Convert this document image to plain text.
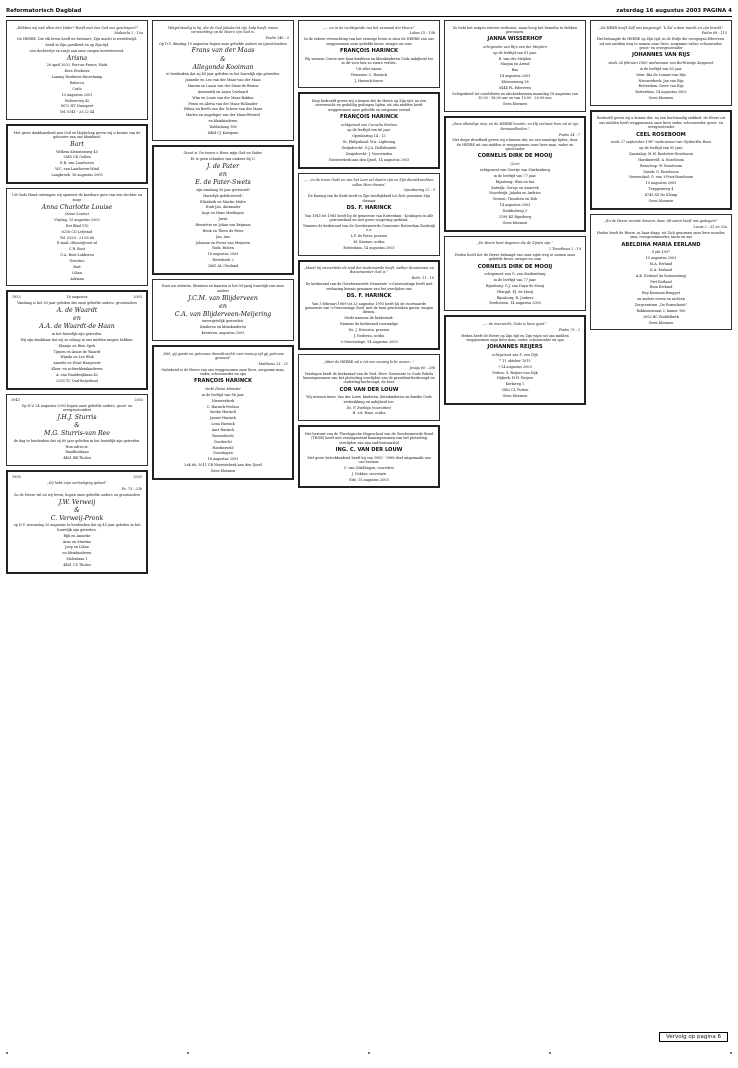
Reformatorisch Dagblad	zaterdag 16 augustus 2003 PAGINA 4

„Hebben wij niet allen één Vader? Heeft niet éen God ons geschapen?”

Maleachi 2 : 10a

De HEERE, Die elk leven heeft en bestuurt, Zijn macht is wereldwijd,

heeft in Zijn goedheid en op Zijn tijd

een dochtertje en zusje aan onze zorgen toevertrouwd.

Arisna

26 april 2003, Port-au-Prince, Haïti

Kees Hoekstra

Lammy Hoekstra-Haverkamp

Rebecca

Carlo

13 augustus 2003

Wolwerveg 42

8072 HT Nunspeet

Tel. 0341 - 25 22 44

Met grote dankbaarheid aan God en blijdschap geven wij u kennis van de geboorte van ons kleinkind.

Bart

Wilhem Krimstraweg 45

2845 CK Ootlen

E.B. van Laarhoven

W.C. van Laarhoven-Wind

Langbroek, 16 augustus 2003

Uit Gods Hand ontvingen wij opnieuw de kostbare gave van een dochter en zusje

Anna Charlotte Louise

(Anne-Louise)

Vrijdag, 15 augustus 2003

Het Blad 110

6216 CD Lelystad

Tel. 0320 - 21 60 66

E-mail: cbboot@cnet.nl

C.B. Boot

G.A. Boot-Lokkeren

Geertine

Bart

Lilian

Adriaan

1953	16 augustus	2003

Vandaag is het 50 jaar geleden dat onze geliefde ouders, grootouders

A. de Waardt
en
A.A. de Waardt-de Haan

in het huwelijk zijn getreden.

Wij zijn dankbaar dat wij ze zolang in ons midden mogen hebben.

Klaasje en Rien Spek

Tijmen en Annie de Waardt

Wijnda en Leo Blok

Annelie en Wout Haagvoort

Klein- en achterkleinkinderen

A. van Naaldwijklaan 42

2303 TC Oud-Beijerland

1943	2003

Op D.V. 24 augustus 2003 hopen onze geliefde ouders, groot- en overgrootouders

J.H.J. Sturris
&
M.G. Sturris-van Ree

de dag te herdenken dat zij 60 jaar geleden in het huwelijk zijn getreden.

Hun adres is:

Raadhuislaan

4461 BB Tholen

1958	2003

„Gij hebt mijn verlustiging geheel”

Ps. 73 : 23b

Zo de Heere wil en wij leven, hopen onze geliefde ouders en grootouders

J.W. Verweij
&
C. Verweij-Pronk

op D.V. woensdag 20 augustus te herdenken dat zij 45 jaar geleden in het huwelijk zijn getreden.

Rijk en Annieke

Arno en Martine

Joop en Lilian

en kleinkinderen

Molenlaan 1

4461 CS Tholen

Welgelukzalig is hij, die de God Jakobs tot zijn hulp heeft, wiens verwachting op de Heere zijn God is.

Psalm 146 : 5

Op D.V. dinsdag 19 augustus hopen onze geliefde ouders en (groot)ouders

Frans van der Maas
&
Allegonda Kooiman

te herdenken dat zij 40 jaar geleden in het huwelijk zijn getreden.

Jannelie en Leo van der Maas-van der Maas

Marnix en Laura van der Maas-de Bruine

Annemiek en Arjan Crielaard

Wim en Lonie van der Maas-Bakker

Frans en Aletta van der Maas-Hollander

Wilma en Berth van der Schoor-van der Maas

Martin en Angelique van der Maas-Westvel

en kleinkinderen

Dahliahaag 108

4464 CJ Kortgene

Groot is Uw trouw o Heer, mijn God en Vader.

Er is geen schaduw van omkeer bij U.

J. de Pater
en
E. de Pater-Swets

zijn vandaag 50 jaar getrouwd!

Hartelijk gefeliciteerd!

Elizabeth en Martin Mulre

Huib-Jan, Alexander

Inge en Hans Matthijsse

Jaent

Henriette en Johan van Beijnum

Henk en Thera de Pater

Jan, Ans

Johanna en Pieter van Meijeren

Ruth, Ruben

16 augustus 2003

Hertshoek 2

2865 AL Ottoland

Door uw attentie, bloemen en kaarten is het 50-jarig huwelijk van onze ouders

J.C.M. van Blijderveen
en
C.A. van Blijderveen-Meljering

onvergetelijk geworden.

Kinderen en kleinkinderen

Kesteren, augustus 2003

„Wel, gij goede en getrouwe dienstknecht! over weinig zijt gij getrouw geweest”

Mattheus 25 : 21

Onbekend is de Heere van ons weggenomen onze lieve, zorgzame man, vader, schoonvader en opa

FRANÇOIS HARINCK

Verbi Divini Minister

in de leeftijd van 86 jaar.

Nieuwerkerk

C. Harinck-Feelsoo

Sieske Harinck

Jannie Harinck

Lena Harinck

Aart Harinck

Barendrecht

Dordrecht

Hardinxveld

Ooostingen

16 augustus 2003

Lek 66, 5011 CB Nieuwerkerk aan den IJssel

Geen bloemen

„... en in de tuchtigende zoo het eenmaal der Heere”

Lukas 15 : 19b

In de zekere verwachting van het eeuwige leven is door de HEERE van ons weggenomen onze geliefde broer, zwager en oom

FRANÇOIS HARINCK

Wij wensen Coerie met haar kinderen en kleinkinderen Gods nabijheid toe in dit voor hen zo zware verlies.

Uit aller naam:

Ternezen: C. Harinck

J. Harinck-Sauve

Diep bedroefd geven wij u kennis dat de Heere op Zijn tijd, na een onverwacht en geduldig gedragen lijden, uit ons midden heeft weggenomen onze geliefde en zorgzame vriend

FRANÇOIS HARINCK

echtgenoot van Cornelia Feelsoo

op de leeftijd van 86 jaar.

Openbaring 14 : 13

St. Philipsland: W.A. Lighteing

Zwijndrecht: G.J.A. Hollebrande

Zwijndrecht: J. Voorwinden

Nieuwerkerk aan den IJssel, 14 augustus 2003

„... en de troon Gods en van het Lam zal daarin zijn en Zijn dienstknechten zullen Hem dienen”

Openbaring 22 : 3

De Koning van de Kerk heeft in Zijn heerlijkheid tot Zich genomen Zijn dienaar

DS. F. HARINCK

Van 1945 tot 1985 heeft hij de gemeente van Rotterdam - Kralingen in alle getrouwheid en met grote toegeving gediend.

Namens de kerkeraad van de Gereformeerde Gemeente Rotterdam Zuidwijk e.o.

L.P. de Pater, praeses

M. Kramer, scriba

Rotterdam, 14 augustus 2003

„Moeit hij onvoorbide de stad der toekomende heeft, welker Kunstenaar en Bouwmeester God is.”

Hebr. 11 : 10

De kerkeraad van de Gereformeerde Gemeente 's-Gravendeage heeft met verbazing kennis genomen van het overlijden van

DS. F. HARINCK

Van 5 februari 1969 tot 23 augustus 1993 heeft hij de voorwaarde gemeente van 's-Gravendage Zuid, met de hem geschonken gaven, mogen dienen.

Mede namens de kerkeraad:

Namens de kerkeraad voormalige

Ds. J. Driessen, praeses

J. Nederzu, scriba

's-Gravendage, 14 augustus 2003

„Want de HEERE zal u tot een eeuwig licht wezen...”

Jesaja 60 : 20b

Verslagen heeft de kerkeraad van de Ned. Herv. Gemeente te Oude Pekela kennisgenomen van het plotseling overlijden van de president-kerkvoogd en ouderling-kerkvoogd, de heer

COR VAN DER LOUW

Wij wensen mevr. Van der Louw, kinderen, kleinkinderen en familie Gods verkwikking en nabijheid toe.

Ds. P. Zwebijn (voorzitter)

H. v.d. Haar, scriba

Het bestuur van de Theologische Hogeschool van de Gereformeerde Bond (THGB) heeft met verslagenheid kennisgenomen van het plotseling overlijden van zijn oud-bestuurslid

ING. C. VAN DER LOUW

Met grote betrokkenheid heeft hij van 1983 - 1988 deel uitgemaakt van ons bestuur.

C. van Gilsdlingen, voorzitter

J. Dekker, secretaris

Ede, 15 augustus 2003

Zo hebt het zorgen streven verliezen, maar hoop het hemelse te hebben gewonnen.

JANNA WISSERHOF

echtgenote van Rijn van der Meijden

op de leeftijd van 81 jaar.

R. van der Meijden

Marjan en Arend

Bas

14 augustus 2003

Kleiveenweg 58

8444 PL Ederveen

Gelegenheid tot condoleren en afscheidnemen maandag 18 augustus van 15.00 - 16.00 uur en van 19.00 - 20.00 uur.

Geen bloemen

„Deze allendige riep, en de HEERE hoorde, en Hij verloste hem uit al zijn benauwdheden.”

Psalm 34 : 7

Met diepe droefheid geven wij u kennis dat, na een smartige lijden, door de HEERE uit ons midden is weggenomen onze lieve man, vader en grootvader

CORNELIS DIRK DE MOOIJ

(Cor)

echtgenoot van Geertje van Starkenburg

in de leeftijd van 77 jaar.

Rijnsburg: Wim en Ina

Katwijk: Gerejo en Annerek

Noordwijk: Jakoba en Andries

Veenen: Theodora en Bob

14 augustus 2003

Kerkhofweg 3

2198 BZ Rijnsburg

Geen bloemen

„De Heere kent degenen die de Zijnen zijn.”

2 Timotheus 2 : 19

Heden heeft het de Heere behaagd van onze zijde weg te nemen onze geliefde broer, zwager en oom

CORNELIS DIRK DE MOOIJ

echtgenoot van G. van Starkenburg

in de leeftijd van 77 jaar.

Rijnsburg: G.J. van Duyn-de Mooij

Vlierpijl: P.J. de Mooij

Rijnsburg: B. Jonkers

Vierhouten, 14 augustus 2003

„... de overwicht, Gods is lieve goed.”

Psalm 73 : 2

Heden heeft de Heere op Zijn tijd en Zijn wijze uit ons midden weggenomen mijn lieve man, vader, schoonvader en opa

JOHANNES REIJERS

echtgenoot van S. van Dijk

* 11 oktober 1915

† 14 augustus 2003

Putten: S. Reijers-van Dijk

Nijkerk: H.H. Reijers

Kerkweg 1

3882 CL Putten

Geen bloemen

„De HEER heeft Zelf ons toegezegd: ‘k Zal u door macht en zijn kracht”

Psalm 68 : 115

Het behaagde de HEERE op Zijn tijd, in de Hofje die overgegan Ederveen, uit ons midden weg te nemen onze lieve, zorgzame vader, schoonvader, groot- en overgrootvader

JOHANNES VAN RIJS

sinds 24 februari 1963 weduwnaar van Berthiantje Koppenol

in de leeftijd van 83 jaar.

Veen: Ria de Lemaw-van Rijs

Nieuwerkerk: Jan van Rijs

Rotterdam: Greet van Rijs

Rotterdam, 14 augustus 2003

Geen bloemen

Bedroefd geven wij u kennis dat, na een kortstondig ziekbed, de Heere uit ons midden heeft weggenomen onze lieve vader, schoonvader, groot- en overgrootvader

CEEL ROSEBOOM

sinds 27 september 1987 weduwnaar van Gijsbertha Boon

op de leeftijd van 95 jaar.

Zaamslag: M.W. Roeloferr-Roseboom

Hardinxveld: A. Roseboom

Benschop: W. Roseboom

Sneek: G. Roseboom

Veenendaal: G. van 't Fout-Roseboom

15 augustus 2003

Trappenweg 4

4745 XX De Klomp

Geen bloemen

„En de Heere ruimde Simeon, daar, dit eaten heeft ons gedogen!”

Lucas 2 : 31 en 32a

Heden heeft de Heere, in haar slaap, tot Zich genomen onze lieve moeder, oma, overgrootmoeder, tante en zus

ABELDINA MARIA EERLAND

8 juli 1907

15 augustus 2003

M.A. Eerland

K.A. Eerland

A.K. Eerland (in herinnering)

Piet Eerland

Hein Eerland

Rep Kooiman-Brugpet

en andere neven en nichten

Zorgcentrum „De Rozenhorst”

Rokkoenstraat 2, kamer 100

2802 BC Roddelkerk

Geen bloemen

Vervolg op pagina 6
